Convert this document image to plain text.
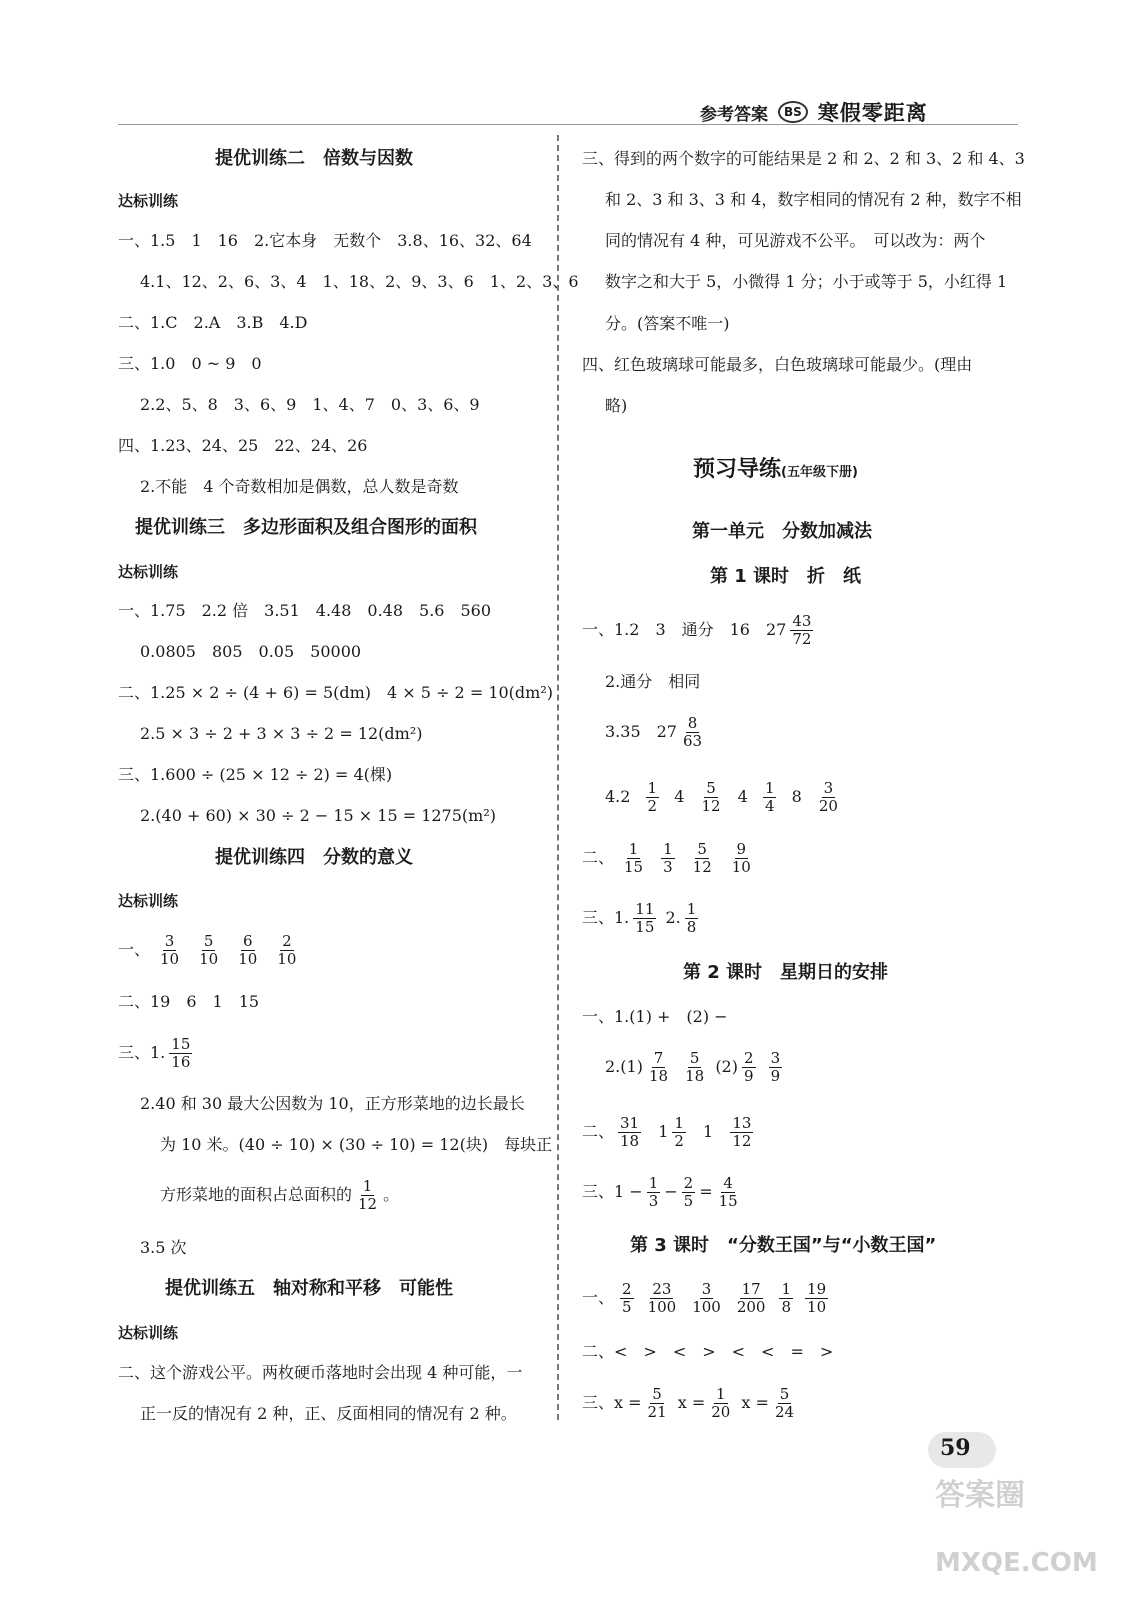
参考答案	BS 寒假零距离
提优训练二　倍数与因数
达标训练
一、1.5　1　16　2.它本身　无数个　3.8、16、32、64
4.1、12、2、6、3、4　1、18、2、9、3、6　1、2、3、6
二、1.C　2.A　3.B　4.D
三、1.0　0 ~ 9　0
2.2、5、8　3、6、9　1、4、7　0、3、6、9
四、1.23、24、25　22、24、26
2.不能　4 个奇数相加是偶数，总人数是奇数
提优训练三　多边形面积及组合图形的面积
达标训练
一、1.75　2.2 倍　3.51　4.48　0.48　5.6　560
0.0805　805　0.05　50000
二、1.25 × 2 ÷ (4 + 6) = 5(dm)　4 × 5 ÷ 2 = 10(dm²)
2.5 × 3 ÷ 2 + 3 × 3 ÷ 2 = 12(dm²)
三、1.600 ÷ (25 × 12 ÷ 2) = 4(棵)
2.(40 + 60) × 30 ÷ 2 − 15 × 15 = 1275(m²)
提优训练四　分数的意义
达标训练
一、 $\frac{3}{10} \frac{5}{10} \frac{6}{10} \frac{2}{10}$
二、19　6　1　15
三、1. $\frac{15}{16}$
2.40 和 30 最大公因数为 10，正方形菜地的边长最长
为 10 米。(40 ÷ 10) × (30 ÷ 10) = 12(块)　每块正
方形菜地的面积占总面积的 $\frac{1}{12}$ 。
3.5 次
提优训练五　轴对称和平移　可能性
达标训练
二、这个游戏公平。两枚硬币落地时会出现 4 种可能，一
正一反的情况有 2 种，正、反面相同的情况有 2 种。
三、得到的两个数字的可能结果是 2 和 2、2 和 3、2 和 4、3
和 2、3 和 3、3 和 4，数字相同的情况有 2 种，数字不相
同的情况有 4 种，可见游戏不公平。　可以改为：两个
数字之和大于 5，小微得 1 分；小于或等于 5，小红得 1
分。(答案不唯一)
四、红色玻璃球可能最多，白色玻璃球可能最少。(理由
略)
预习导练(五年级下册)
第一单元　分数加减法
第 1 课时　折　纸
一、1.2　3　通分　16　$27 \frac{43}{72}$
2.通分　相同
3.35　$27 \frac{8}{63}$
$4.2 \frac{1}{2} 4 \frac{5}{12} 4 \frac{1}{4} 8 \frac{3}{20}$
二、 $\frac{1}{15} \frac{1}{3} \frac{5}{12} \frac{9}{10}$
三、1. $\frac{11}{15} 2$. $\frac{1}{8}$
第 2 课时　星期日的安排
一、1.(1) +　(2) −
$2.(1) \frac{7}{18}$
$\frac{5}{18} (2) \frac{2}{9}$
$\frac{3}{9}$
二、 $\frac{31}{18} 1 \frac{1}{2} 1 \frac{13}{12}$
三、$1 - \frac{1}{3} - \frac{2}{5} = \frac{4}{15}$
第 3 课时　“分数王国”与“小数王国”
一、 $\frac{2}{5} \frac{23}{100} \frac{3}{100} \frac{17}{200} \frac{1}{8} \frac{19}{10}$
二、<　>　<　>　<　<　=　>
三、$x = \frac{5}{21}$ $x = \frac{1}{20}$ $x = \frac{5}{24}$
59
答案圈
MXQE.COM
